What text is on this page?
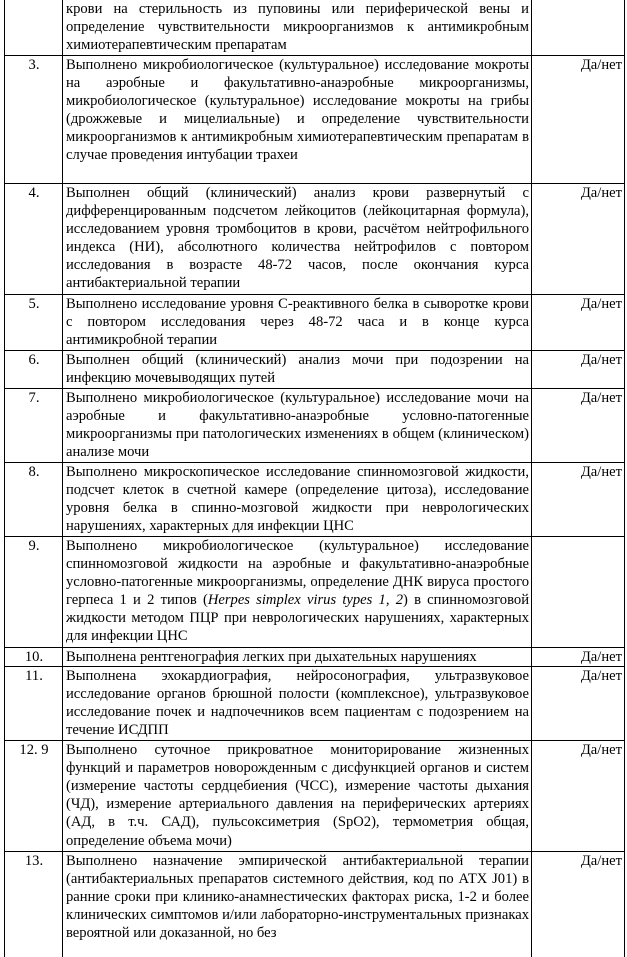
	крови на стерильность из пуповины или периферической вены и определение чувствительности микроорганизмов к антимикробным химиотерапевтическим препаратам	
3.	Выполнено микробиологическое (культуральное) исследование мокроты на аэробные и факультативно-анаэробные микроорганизмы, микробиологическое (культуральное) исследование мокроты на грибы (дрожжевые и мицелиальные) и определение чувствительности микроорганизмов к антимикробным химиотерапевтическим препаратам в случае проведения интубации трахеи	Да/нет
4.	Выполнен общий (клинический) анализ крови развернутый с дифференцированным подсчетом лейкоцитов (лейкоцитарная формула), исследованием уровня тромбоцитов в крови, расчётом нейтрофильного индекса (НИ), абсолютного количества нейтрофилов с повтором исследования в возрасте 48-72 часов, после окончания курса антибактериальной терапии	Да/нет
5.	Выполнено исследование уровня С-реактивного белка в сыворотке крови с повтором исследования через 48-72 часа и в конце курса антимикробной терапии	Да/нет
6.	Выполнен общий (клинический) анализ мочи при подозрении на инфекцию мочевыводящих путей	Да/нет
7.	Выполнено микробиологическое (культуральное) исследование мочи на аэробные и факультативно-анаэробные условно-патогенные микроорганизмы при патологических изменениях в общем (клиническом) анализе мочи	Да/нет
8.	Выполнено микроскопическое исследование спинномозговой жидкости, подсчет клеток в счетной камере (определение цитоза), исследование уровня белка в спинно-мозговой жидкости при неврологических нарушениях, характерных для инфекции ЦНС	Да/нет
9.	Выполнено микробиологическое (культуральное) исследование спинномозговой жидкости на аэробные и факультативно-анаэробные условно-патогенные микроорганизмы, определение ДНК вируса простого герпеса 1 и 2 типов (Herpes simplex virus types 1, 2) в спинномозговой жидкости методом ПЦР при неврологических нарушениях, характерных для инфекции ЦНС	
10.	Выполнена рентгенография легких при дыхательных нарушениях	Да/нет
11.	Выполнена эхокардиография, нейросонография, ультразвуковое исследование органов брюшной полости (комплексное), ультразвуковое исследование почек и надпочечников всем пациентам с подозрением на течение ИСДПП	Да/нет
12. 9	Выполнено суточное прикроватное мониторирование жизненных функций и параметров новорожденным с дисфункцией органов и систем (измерение частоты сердцебиения (ЧСС), измерение частоты дыхания (ЧД), измерение артериального давления на периферических артериях (АД, в т.ч. САД), пульсоксиметрия (SpO2), термометрия общая, определение объема мочи)	Да/нет
13.	Выполнено назначение эмпирической антибактериальной терапии (антибактериальных препаратов системного действия, код по АТХ J01) в ранние сроки при клинико-анамнестических факторах риска, 1-2 и более клинических симптомов и/или лабораторно-инструментальных признаках вероятной или доказанной, но без	Да/нет
